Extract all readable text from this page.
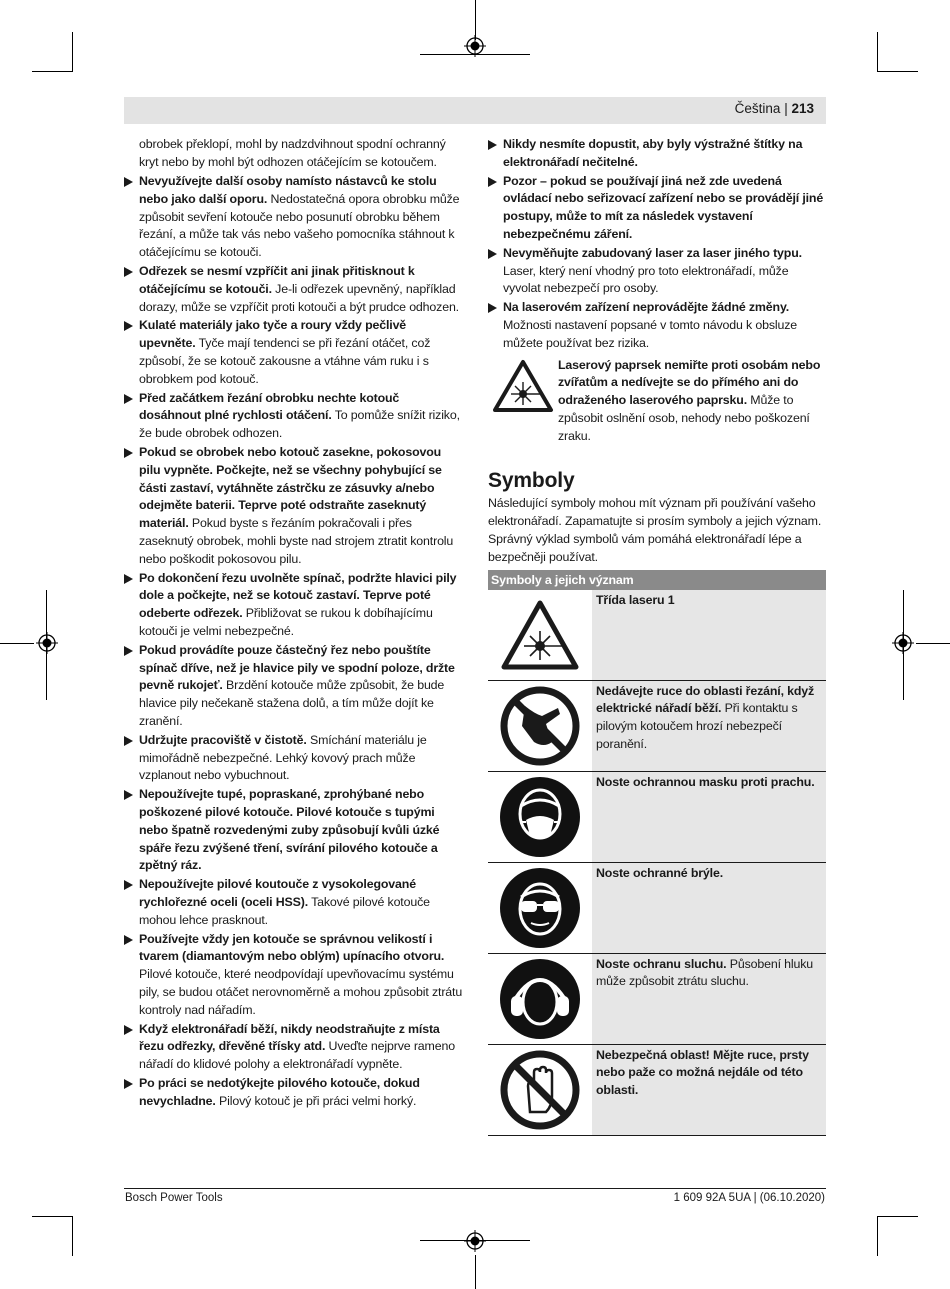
Čeština | 213

obrobek překlopí, mohl by nadzdvihnout spodní ochranný kryt nebo by mohl být odhozen otáčejícím se kotoučem.

Nevyužívejte další osoby namísto nástavců ke stolu nebo jako další oporu. Nedostatečná opora obrobku může způsobit sevření kotouče nebo posunutí obrobku během řezání, a může tak vás nebo vašeho pomocníka stáhnout k otáčejícímu se kotouči.
Odřezek se nesmí vzpříčit ani jinak přitisknout k otáčejícímu se kotouči. Je-li odřezek upevněný, například dorazy, může se vzpříčit proti kotouči a být prudce odhozen.
Kulaté materiály jako tyče a roury vždy pečlivě upevněte. Tyče mají tendenci se při řezání otáčet, což způsobí, že se kotouč zakousne a vtáhne vám ruku i s obrobkem pod kotouč.
Před začátkem řezání obrobku nechte kotouč dosáhnout plné rychlosti otáčení. To pomůže snížit riziko, že bude obrobek odhozen.
Pokud se obrobek nebo kotouč zasekne, pokosovou pilu vypněte. Počkejte, než se všechny pohybující se části zastaví, vytáhněte zástrčku ze zásuvky a/nebo odejměte baterii. Teprve poté odstraňte zaseknutý materiál. Pokud byste s řezáním pokračovali i přes zaseknutý obrobek, mohli byste nad strojem ztratit kontrolu nebo poškodit pokosovou pilu.
Po dokončení řezu uvolněte spínač, podržte hlavici pily dole a počkejte, než se kotouč zastaví. Teprve poté odeberte odřezek. Přibližovat se rukou k dobíhajícímu kotouči je velmi nebezpečné.
Pokud provádíte pouze částečný řez nebo pouštíte spínač dříve, než je hlavice pily ve spodní poloze, držte pevně rukojeť. Brzdění kotouče může způsobit, že bude hlavice pily nečekaně stažena dolů, a tím může dojít ke zranění.
Udržujte pracoviště v čistotě. Smíchání materiálu je mimořádně nebezpečné. Lehký kovový prach může vzplanout nebo vybuchnout.
Nepoužívejte tupé, popraskané, zprohýbané nebo poškozené pilové kotouče. Pilové kotouče s tupými nebo špatně rozvedenými zuby způsobují kvůli úzké spáře řezu zvýšené tření, svírání pilového kotouče a zpětný ráz.
Nepoužívejte pilové koutouče z vysokolegované rychlořezné oceli (oceli HSS). Takové pilové kotouče mohou lehce prasknout.
Používejte vždy jen kotouče se správnou velikostí i tvarem (diamantovým nebo oblým) upínacího otvoru. Pilové kotouče, které neodpovídají upevňovacímu systému pily, se budou otáčet nerovnoměrně a mohou způsobit ztrátu kontroly nad nářadím.
Když elektronářadí běží, nikdy neodstraňujte z místa řezu odřezky, dřevěné třísky atd. Uveďte nejprve rameno nářadí do klidové polohy a elektronářadí vypněte.
Po práci se nedotýkejte pilového kotouče, dokud nevychladne. Pilový kotouč je při práci velmi horký.
Nikdy nesmíte dopustit, aby byly výstražné štítky na elektronářadí nečitelné.
Pozor – pokud se používají jiná než zde uvedená ovládací nebo seřizovací zařízení nebo se provádějí jiné postupy, může to mít za následek vystavení nebezpečnému záření.
Nevyměňujte zabudovaný laser za laser jiného typu. Laser, který není vhodný pro toto elektronářadí, může vyvolat nebezpečí pro osoby.
Na laserovém zařízení neprovádějte žádné změny. Možnosti nastavení popsané v tomto návodu k obsluze můžete používat bez rizika.
Laserový paprsek nemiřte proti osobám nebo zvířatům a nedívejte se do přímého ani do odraženého laserového paprsku. Může to způsobit oslnění osob, nehody nebo poškození zraku.
Symboly

Následující symboly mohou mít význam při používání vašeho elektronářadí. Zapamatujte si prosím symboly a jejich význam. Správný výklad symbolů vám pomáhá elektronářadí lépe a bezpečněji používat.

Symboly a jejich význam
Třída laseru 1
Nedávejte ruce do oblasti řezání, když elektrické nářadí běží. Při kontaktu s pilovým kotoučem hrozí nebezpečí poranění.
Noste ochrannou masku proti prachu.
Noste ochranné brýle.
Noste ochranu sluchu. Působení hluku může způsobit ztrátu sluchu.
Nebezpečná oblast! Mějte ruce, prsty nebo paže co možná nejdále od této oblasti.
Bosch Power Tools	1 609 92A 5UA | (06.10.2020)
